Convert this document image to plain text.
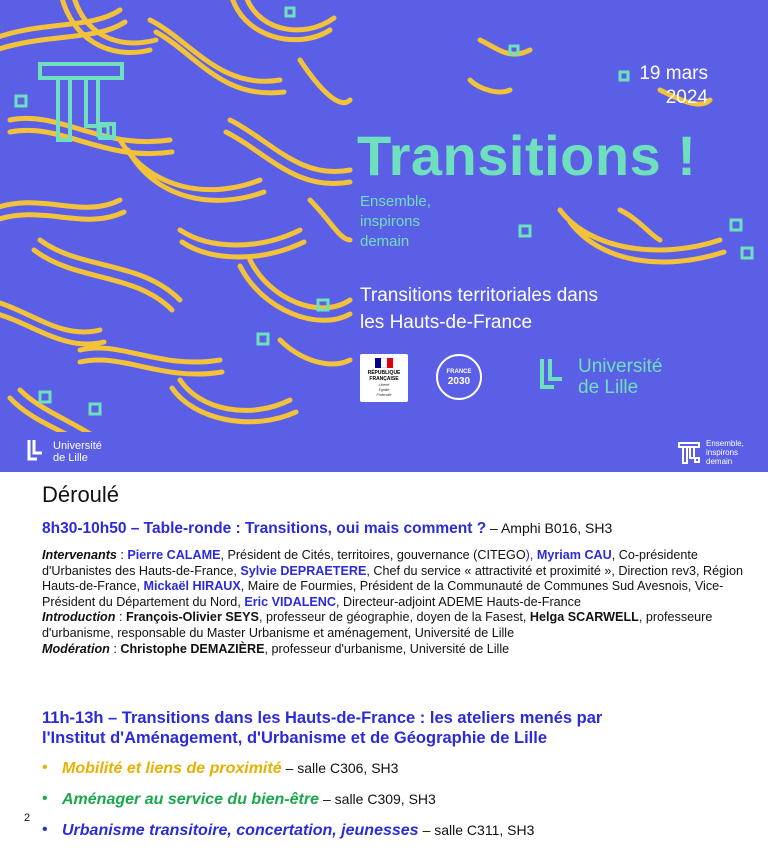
19 mars
2024
Transitions !
Ensemble,
inspirons
demain
Transitions territoriales dans
les Hauts-de-France
RÉPUBLIQUE
FRANÇAISE
Liberté
Égalité
Fraternité
FRANCE
2030
Université
de Lille
Université
de Lille
Ensemble,
inspirons
demain
Déroulé
8h30-10h50 – Table-ronde : Transitions, oui mais comment ? – Amphi B016, SH3
Intervenants : Pierre CALAME, Président de Cités, territoires, gouvernance (CITEGO), Myriam CAU, Co-présidente d'Urbanistes des Hauts-de-France, Sylvie DEPRAETERE, Chef du service « attractivité et proximité », Direction rev3, Région Hauts-de-France, Mickaël HIRAUX, Maire de Fourmies, Président de la Communauté de Communes Sud Avesnois, Vice-Président du Département du Nord, Eric VIDALENC, Directeur-adjoint ADEME Hauts-de-France
Introduction : François-Olivier SEYS, professeur de géographie, doyen de la Fasest, Helga SCARWELL, professeure d'urbanisme, responsable du Master Urbanisme et aménagement, Université de Lille
Modération : Christophe DEMAZIÈRE, professeur d'urbanisme, Université de Lille
11h-13h – Transitions dans les Hauts-de-France : les ateliers menés par
l'Institut d'Aménagement, d'Urbanisme et de Géographie de Lille
• Mobilité et liens de proximité – salle C306, SH3
• Aménager au service du bien-être – salle C309, SH3
• Urbanisme transitoire, concertation, jeunesses – salle C311, SH3
2
